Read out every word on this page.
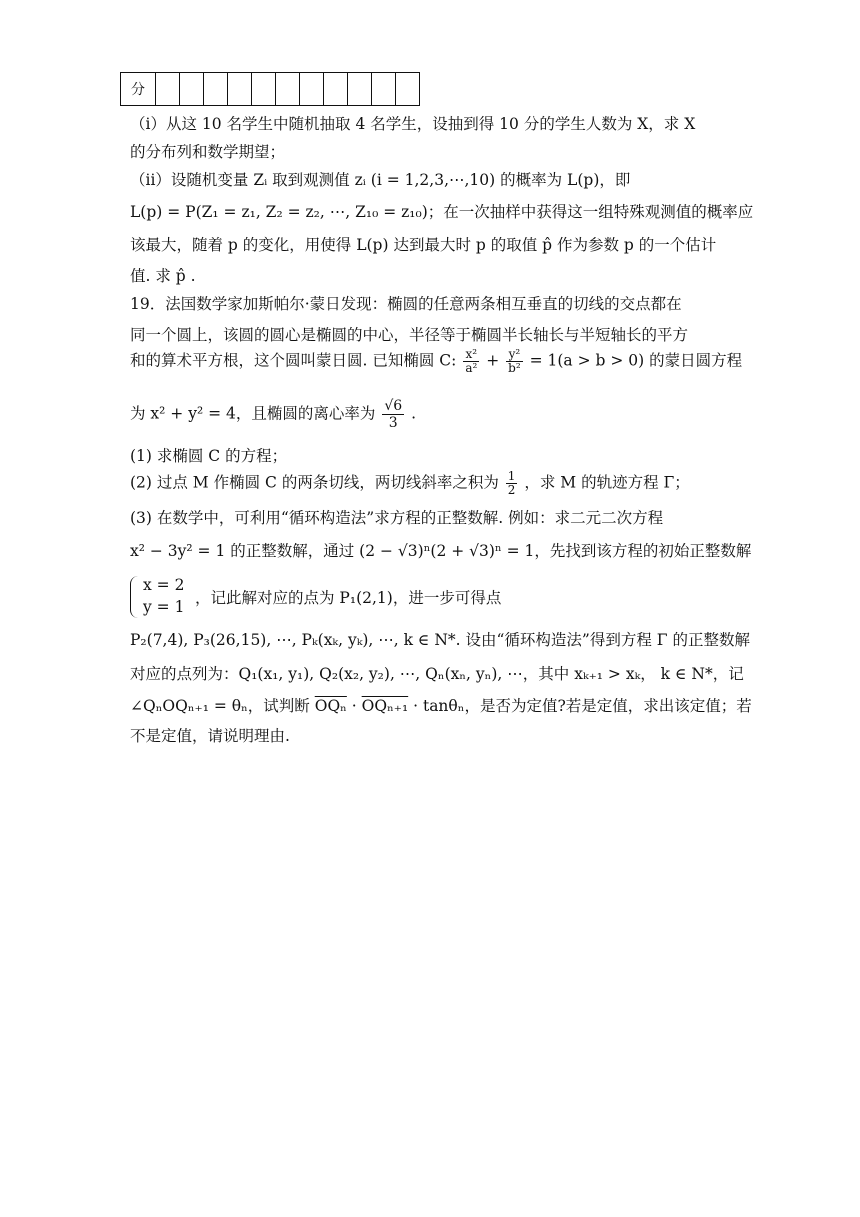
分											
（i）从这 10 名学生中随机抽取 4 名学生，设抽到得 10 分的学生人数为 X，求 X
的分布列和数学期望；
（ii）设随机变量 Zᵢ 取到观测值 zᵢ (i = 1,2,3,⋯,10) 的概率为 L(p)，即
L(p) = P(Z₁ = z₁, Z₂ = z₂, ⋯, Z₁₀ = z₁₀)；在一次抽样中获得这一组特殊观测值的概率应
该最大，随着 p 的变化，用使得 L(p) 达到最大时 p 的取值 p̂ 作为参数 p 的一个估计
值. 求 p̂ .
19．法国数学家加斯帕尔·蒙日发现：椭圆的任意两条相互垂直的切线的交点都在
同一个圆上，该圆的圆心是椭圆的中心，半径等于椭圆半长轴长与半短轴长的平方
和的算术平方根，这个圆叫蒙日圆. 已知椭圆 C: $\frac{\text{x²}}{\text{a²}} + \frac{\text{y²}}{\text{b²}} = 1(a > b > 0)$ 的蒙日圆方程
为 x² + y² = 4，且椭圆的离心率为 $\frac{√6}{3}$ .
(1) 求椭圆 C 的方程；
(2) 过点 M 作椭圆 C 的两条切线，两切线斜率之积为 $\frac{1}{2}$ ，求 M 的轨迹方程 Γ；
(3) 在数学中，可利用“循环构造法”求方程的正整数解. 例如：求二元二次方程
x² − 3y² = 1 的正整数解，通过 (2 − √3)ⁿ(2 + √3)ⁿ = 1，先找到该方程的初始正整数解
x = 2
y = 1 ，记此解对应的点为 P₁(2,1)，进一步可得点
P₂(7,4), P₃(26,15), ⋯, Pₖ(xₖ, yₖ), ⋯, k ∈ N*. 设由“循环构造法”得到方程 Γ 的正整数解
对应的点列为：Q₁(x₁, y₁), Q₂(x₂, y₂), ⋯, Qₙ(xₙ, yₙ), ⋯，其中 xₖ₊₁ > xₖ， k ∈ N*，记
∠QₙOQₙ₊₁ = θₙ，试判断 $\overline{OQ_n} \cdot OQ_{n+1} \cdot \tan\theta_n$，是否为定值?若是定值，求出该定值；若
不是定值，请说明理由.
